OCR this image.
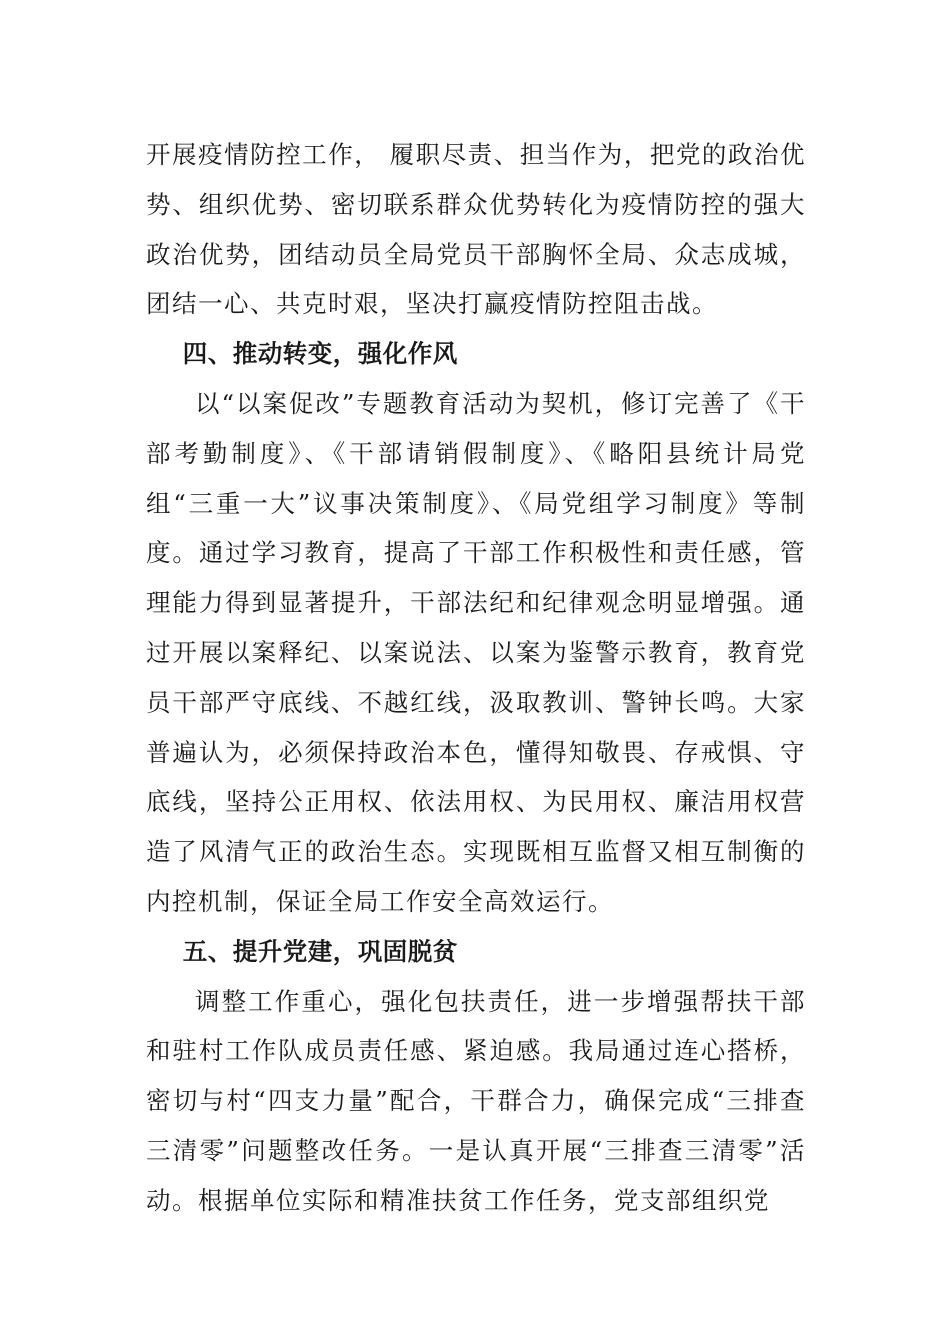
开展疫情防控工作， 履职尽责、担当作为，把党的政治优势、组织优势、密切联系群众优势转化为疫情防控的强大政治优势，团结动员全局党员干部胸怀全局、众志成城，团结一心、共克时艰，坚决打赢疫情防控阻击战。

四、推动转变，强化作风

以“以案促改”专题教育活动为契机，修订完善了《干部考勤制度》、《干部请销假制度》、《略阳县统计局党组“三重一大”议事决策制度》、《局党组学习制度》等制度。通过学习教育，提高了干部工作积极性和责任感，管理能力得到显著提升，干部法纪和纪律观念明显增强。通过开展以案释纪、以案说法、以案为鉴警示教育，教育党员干部严守底线、不越红线，汲取教训、警钟长鸣。大家普遍认为，必须保持政治本色，懂得知敬畏、存戒惧、守底线，坚持公正用权、依法用权、为民用权、廉洁用权营造了风清气正的政治生态。实现既相互监督又相互制衡的内控机制，保证全局工作安全高效运行。

五、提升党建，巩固脱贫

调整工作重心，强化包扶责任，进一步增强帮扶干部和驻村工作队成员责任感、紧迫感。我局通过连心搭桥，密切与村“四支力量”配合，干群合力，确保完成“三排查三清零”问题整改任务。一是认真开展“三排查三清零”活动。根据单位实际和精准扶贫工作任务，党支部组织党
